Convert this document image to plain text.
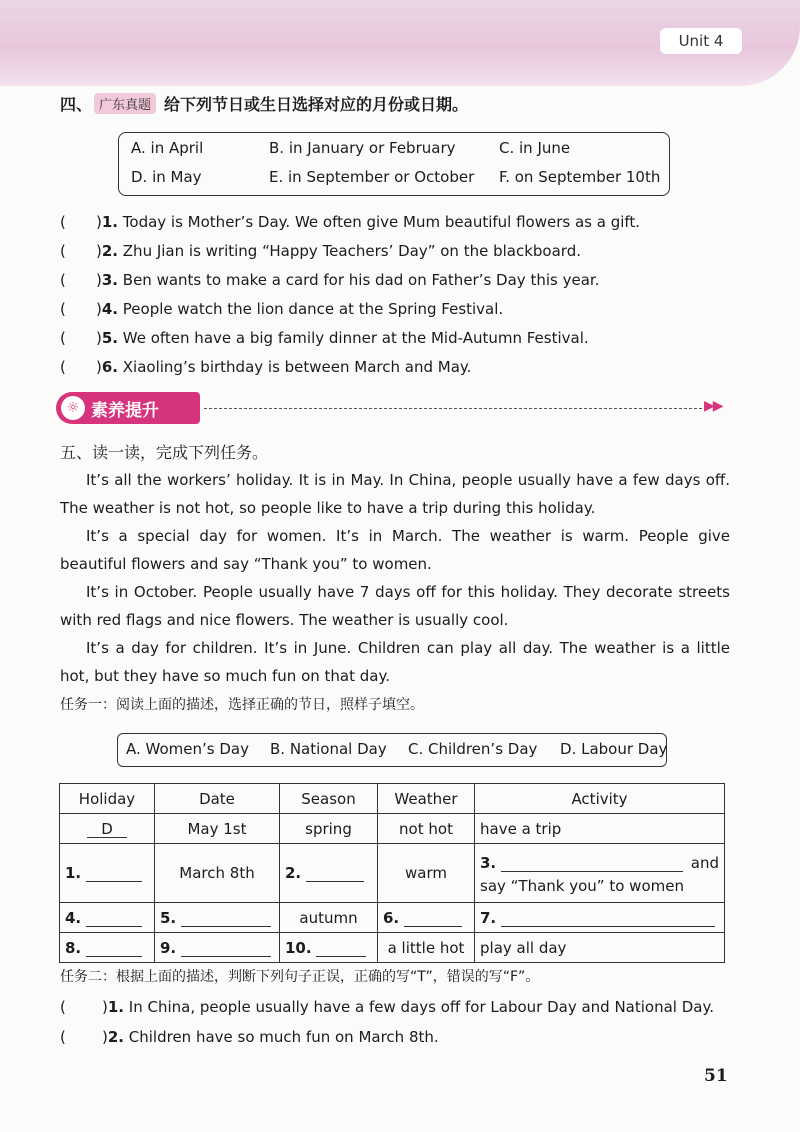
Unit 4
四、 广东真题 给下列节日或生日选择对应的月份或日期。
A. in April	B. in January or February	C. in June
D. in May	E. in September or October F. on September 10th
(	) 1.
Today is Mother’s Day. We often give Mum beautiful flowers as a gift.
(	) 2.
Zhu Jian is writing “Happy Teachers’ Day” on the blackboard.
(	) 3.
Ben wants to make a card for his dad on Father’s Day this year.
(	) 4.
People watch the lion dance at the Spring Festival.
(	) 5.
We often have a big family dinner at the Mid-Autumn Festival.
(	) 6.
Xiaoling’s birthday is between March and May.
☼ 素养提升	▶▶
五、读一读，完成下列任务。

It’s all the workers’ holiday. It is in May. In China, people usually have a few days off. The weather is not hot, so people like to have a trip during this holiday.

It’s a special day for women. It’s in March. The weather is warm. People give beautiful flowers and say “Thank you” to women.

It’s in October. People usually have 7 days off for this holiday. They decorate streets with red flags and nice flowers. The weather is usually cool.

It’s a day for children. It’s in June. Children can play all day. The weather is a little hot, but they have so much fun on that day.

任务一：阅读上面的描述，选择正确的节日，照样子填空。
A. Women’s Day B. National Day C. Children’s Day D. Labour Day
Holiday	Date	Season	Weather	Activity
D	May 1st	spring	not hot	have a trip
1.	March 8th	2.	warm	3.
and
say “Thank you” to women

4.	5.	autumn	6.	7.
8.	9.	10.	a little hot	play all day
任务二：根据上面的描述，判断下列句子正误，正确的写“T”，错误的写“F”。
(	) 1.
In China, people usually have a few days off for Labour Day and National Day.
(	) 2.
Children have so much fun on March 8th.
51
